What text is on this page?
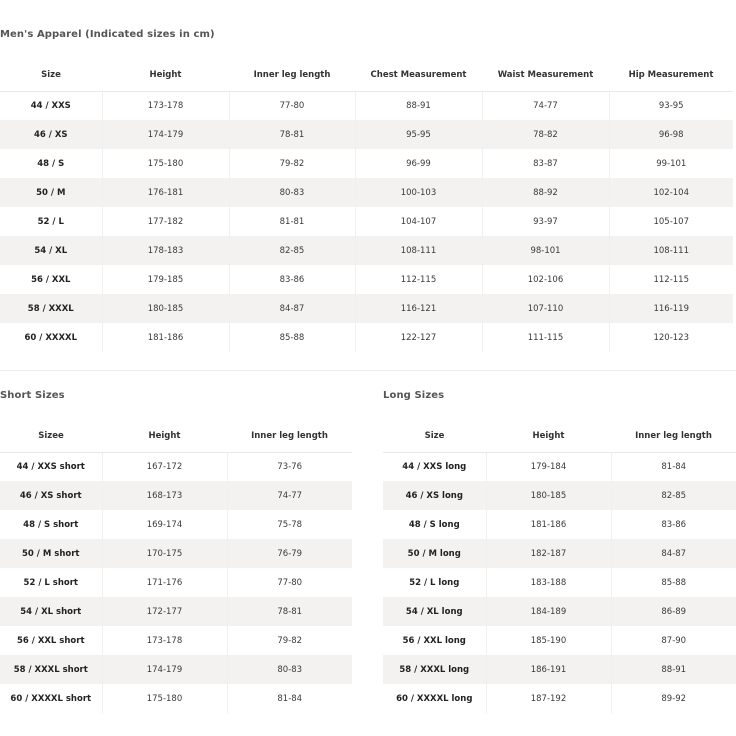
Men's Apparel (Indicated sizes in cm)
Size	Height	Inner leg length	Chest Measurement	Waist Measurement	Hip Measurement
44 / XXS	173-178	77-80	88-91	74-77	93-95
46 / XS	174-179	78-81	95-95	78-82	96-98
48 / S	175-180	79-82	96-99	83-87	99-101
50 / M	176-181	80-83	100-103	88-92	102-104
52 / L	177-182	81-81	104-107	93-97	105-107
54 / XL	178-183	82-85	108-111	98-101	108-111
56 / XXL	179-185	83-86	112-115	102-106	112-115
58 / XXXL	180-185	84-87	116-121	107-110	116-119
60 / XXXXL	181-186	85-88	122-127	111-115	120-123
Short Sizes
Sizee	Height	Inner leg length
44 / XXS short	167-172	73-76
46 / XS short	168-173	74-77
48 / S short	169-174	75-78
50 / M short	170-175	76-79
52 / L short	171-176	77-80
54 / XL short	172-177	78-81
56 / XXL short	173-178	79-82
58 / XXXL short	174-179	80-83
60 / XXXXL short	175-180	81-84
Long Sizes
Size	Height	Inner leg length
44 / XXS long	179-184	81-84
46 / XS long	180-185	82-85
48 / S long	181-186	83-86
50 / M long	182-187	84-87
52 / L long	183-188	85-88
54 / XL long	184-189	86-89
56 / XXL long	185-190	87-90
58 / XXXL long	186-191	88-91
60 / XXXXL long	187-192	89-92
